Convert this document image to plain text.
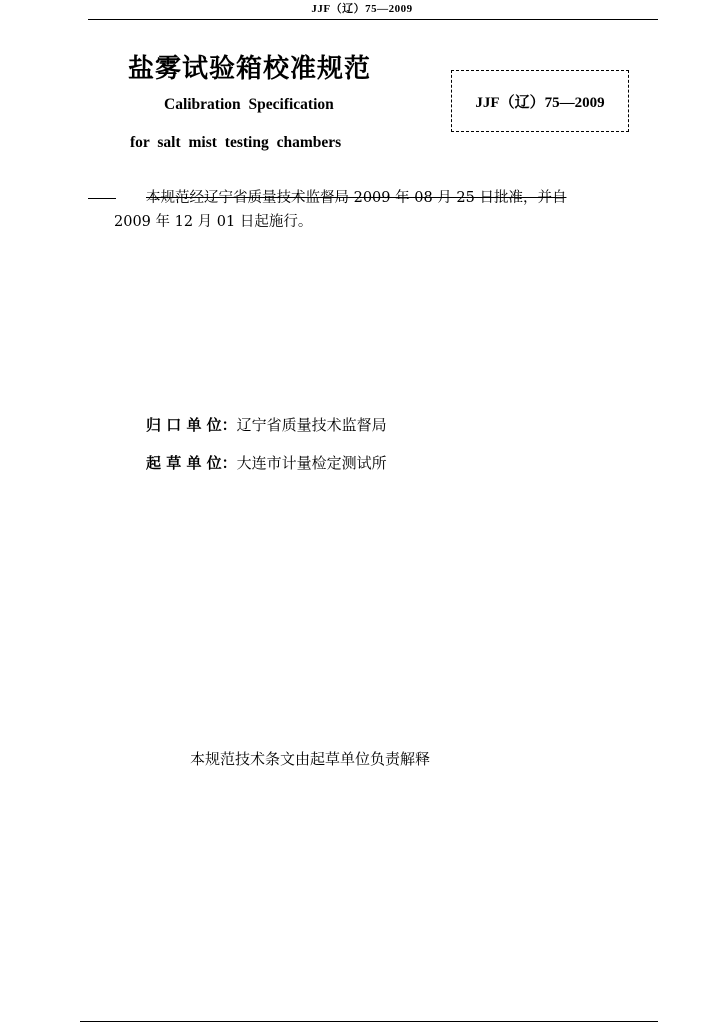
JJF（辽）75—2009
盐雾试验箱校准规范
Calibration Specification
for salt mist testing chambers
JJF（辽）75—2009
本规范经辽宁省质量技术监督局 2009 年 08 月 25 日批准，并自
2009 年 12 月 01 日起施行。
归 口 单 位：辽宁省质量技术监督局
起 草 单 位：大连市计量检定测试所
本规范技术条文由起草单位负责解释
